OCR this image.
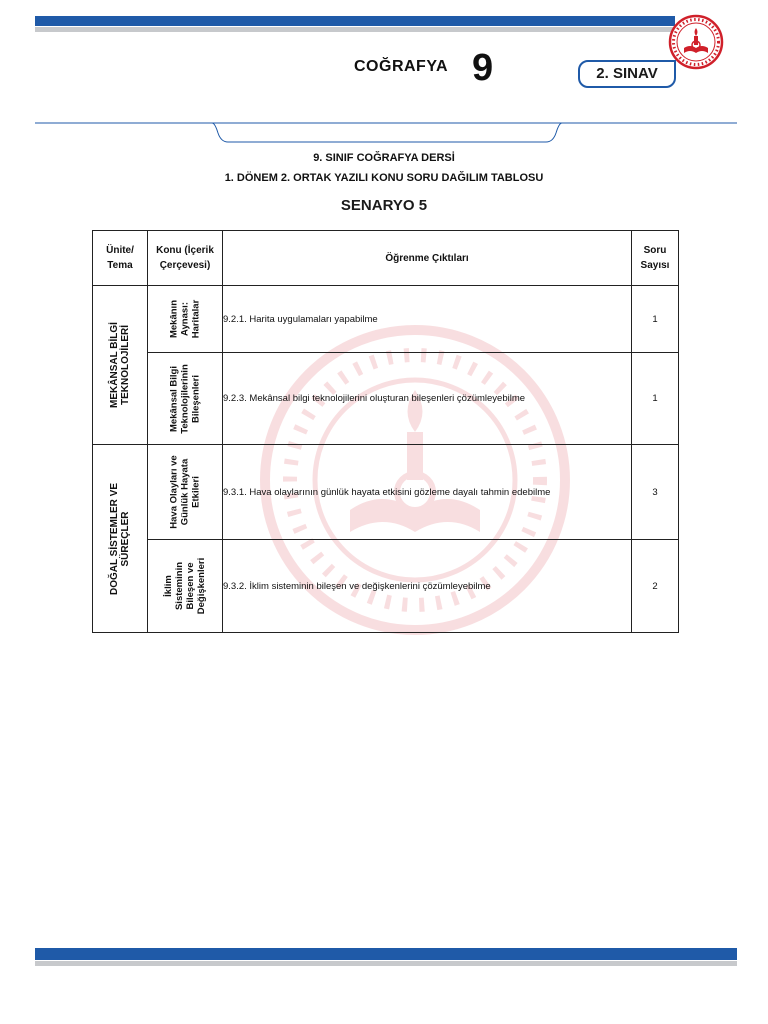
COĞRAFYA 9	2. SINAV
9. SINIF COĞRAFYA DERSİ
1. DÖNEM 2. ORTAK YAZILI KONU SORU DAĞILIM TABLOSU
SENARYO 5
Ünite/ Tema	Konu (İçerik Çerçevesi)	Öğrenme Çıktıları	Soru Sayısı

MEKÂNSAL BİLGİ TEKNOLOJİLERİ	Mekânın Aynası: Haritalar	9.2.1. Harita uygulamaları yapabilme	1

	Mekânsal Bilgi Teknolojilerinin Bileşenleri	9.2.3. Mekânsal bilgi teknolojilerini oluşturan bileşenleri çözümleyebilme	1

DOĞAL SİSTEMLER VE SÜREÇLER	Hava Olayları ve Günlük Hayata Etkileri	9.3.1. Hava olaylarının günlük hayata etkisini gözleme dayalı tahmin edebilme	3

	İklim Sisteminin Bileşen ve Değişkenleri	9.3.2. İklim sisteminin bileşen ve değişkenlerini çözümleyebilme	2
